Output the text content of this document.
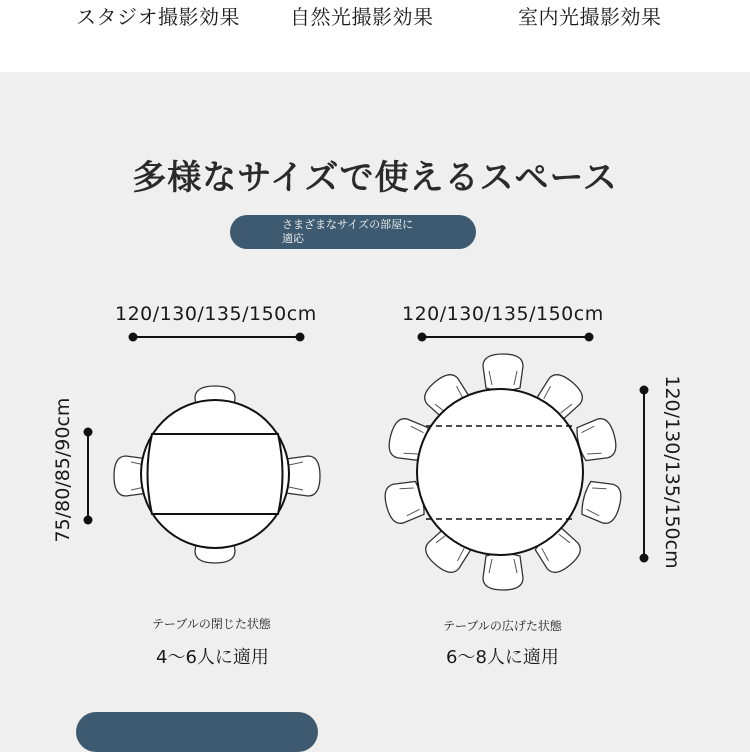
スタジオ撮影効果	自然光撮影効果	室内光撮影効果
多様なサイズで使えるスペース
さまざまなサイズの部屋に適応
120/130/135/150cm	120/130/135/150cm
75/80/85/90cm	120/130/135/150cm
テーブルの閉じた状態
4〜6人に適用
テーブルの広げた状態
6〜8人に適用
